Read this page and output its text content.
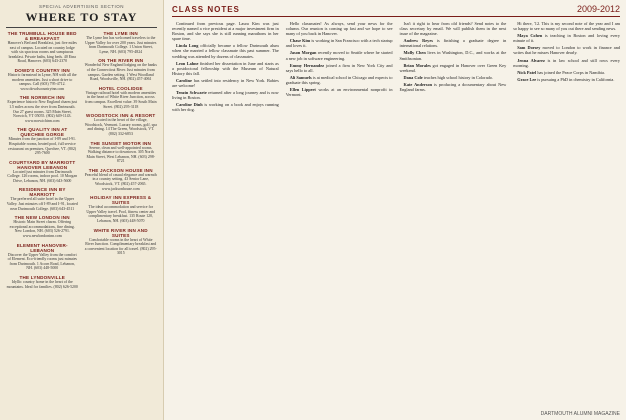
SPECIAL ADVERTISING SECTION
WHERE TO STAY
THE TRUMBULL HOUSE BED & BREAKFAST
Hanover's Bed and Breakfast, just five miles east of campus. Located on country lodge with six spacious rooms and sumptuous breakfast. Private baths, king beds. 40 Etna Road, Hanover. (603) 643-2370
DOWD'S COUNTRY INN
Historic farmstead in Lyme, NH with all the modern amenities. Just a short drive to campus. Call (603) 795-4712. www.dowdscountryinn.com
THE NORWICH INN
Experience historic New England charm just 1.5 miles across the river from Dartmouth. Our 27 guest rooms. 325 Main Street, Norwich, VT 05055. (802) 649-1143. www.norwichinn.com
THE QUALITY INN AT QUECHEE GORGE
Minutes from the junction of I-89 and I-91. Hospitable rooms, heated pool, full service restaurant on premises. Quechee, VT. (802) 295-7600
COURTYARD BY MARRIOTT HANOVER LEBANON
Located just minutes from Dartmouth College. 126 rooms, indoor pool. 10 Morgan Drive, Lebanon, NH. (603) 643-5600
RESIDENCE INN BY MARRIOTT
The preferred all suite hotel in the Upper Valley. Just minutes off I-89 and I-91, located near Dartmouth College. (603) 643-4511
THE NEW LONDON INN
Historic Main Street charm. Offering exceptional accommodations, fine dining. New London, NH. (603) 526-2791. www.newlondoninn.com
ELEMENT HANOVER-LEBANON
Discover the Upper Valley from the comfort of Element. Eco-friendly rooms just minutes from Dartmouth. 1 Acorn Road, Lebanon, NH. (603) 448-5000
THE LYNDONVILLE
Idyllic country home in the heart of the mountains. Ideal for families. (802) 626-5200
THE LYME INN
The Lyme Inn has welcomed travelers to the Upper Valley for over 200 years. Just minutes from Dartmouth College. 1 Union Street, Lyme, NH. (603) 795-4824
ON THE RIVER INN
Wonderful New England lodging on the banks of the Connecticut River. Just minutes from campus. Garden setting. 1 West Woodland Road, Woodsville, NH. (802) 457-4061
HOTEL COOLIDGE
Vintage railroad hotel with modern amenities in the heart of White River Junction, across from campus. Excellent value. 39 South Main Street. (802) 295-3118
WOODSTOCK INN & RESORT
Located in the heart of the village, Woodstock, Vermont. Luxury rooms, golf, spa and dining. 14 The Green, Woodstock, VT. (802) 332-6853
THE SUNSET MOTOR INN
Serene, clean and well-appointed rooms. Walking distance to downtown. 305 North Main Street, West Lebanon, NH. (603) 298-8721
THE JACKSON HOUSE INN
Peaceful blend of casual elegance and warmth in a country setting. 43 Senior Lane, Woodstock, VT. (802) 457-2065. www.jacksonhouse.com
HOLIDAY INN EXPRESS & SUITES
The ideal accommodation and service for Upper Valley travel. Pool, fitness center and complimentary breakfast. 135 Route 120, Lebanon, NH. (603) 448-5070
WHITE RIVER INN AND SUITES
Comfortable rooms in the heart of White River Junction. Complimentary breakfast and a convenient location for all travel. (802) 295-3015
CLASS NOTES	2009-2012

Continued from previous page. Laura Kim was just recently named a vice president at a major investment firm in Boston, and she says she is still running marathons in her spare time.

Linda Long officially became a fellow Dartmouth alum when she married a fellow classmate this past summer. The wedding was attended by dozens of classmates.

Leon Lahne finished her dissertation in June and starts as a postdoctoral fellowship with the Museum of Natural History this fall.

Caroline has settled into residency in New York. Babies are welcome!

Tenzin Schwarte returned after a long journey and is now living in Boston.

Caroline Dinh is working on a book and enjoys running with her dog.

Hello classmates! As always, send your news for the column. Our reunion is coming up fast and we hope to see many of you back in Hanover.

Chase Kim is working in San Francisco with a tech startup and loves it.

Jason Morgan recently moved to Seattle where he started a new job in software engineering.

Emmy Hernandez joined a firm in New York City and says hello to all.

Ali Samuels is at medical school in Chicago and expects to graduate this spring.

Ellen Lippert works at an environmental nonprofit in Vermont.

Isn't it right to hear from old friends? Send notes to the class secretary by email. We will publish them in the next issue of the magazine.

Andrew Reyes is finishing a graduate degree in international relations.

Molly Chen lives in Washington, D.C., and works at the Smithsonian.

Brian Morales got engaged in Hanover over Green Key weekend.

Dana Cole teaches high school history in Colorado.

Kate Anderson is producing a documentary about New England farms.

Hi there, '12. This is my second note of the year and I am so happy to see so many of you out there and sending news.

Maya Cohen is teaching in Boston and loving every minute of it.

Sam Dorsey moved to London to work in finance and writes that he misses Hanover dearly.

Jenna Alvarez is in law school and still rows every morning.

Nick Patel has joined the Peace Corps in Namibia.

Grace Lee is pursuing a PhD in chemistry in California.

DARTMOUTH ALUMNI MAGAZINE
